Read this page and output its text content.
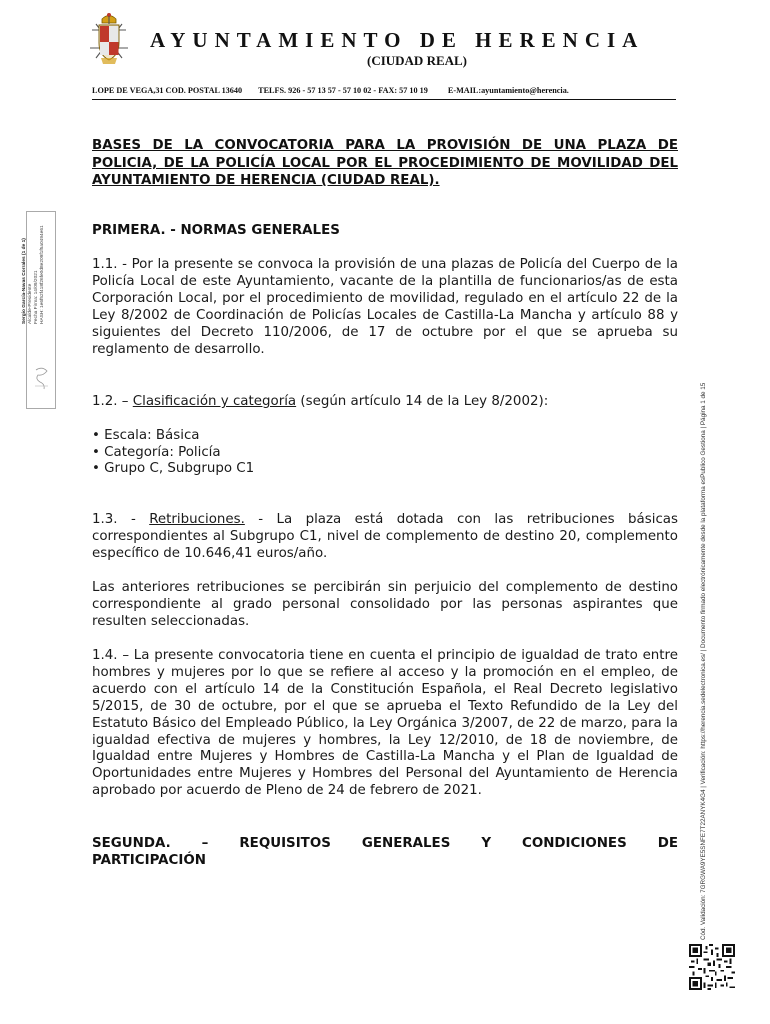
AYUNTAMIENTO DE HERENCIA
(CIUDAD REAL)
LOPE DE VEGA,31 COD. POSTAL 13640 TELFS. 926 - 57 13 57 - 57 10 02 - FAX: 57 10 19 E-MAIL:ayuntamiento@herencia.
BASES DE LA CONVOCATORIA PARA LA PROVISIÓN DE UNA PLAZA DE POLICIA, DE LA POLICÍA LOCAL POR EL PROCEDIMIENTO DE MOVILIDAD DEL AYUNTAMIENTO DE HERENCIA (CIUDAD REAL).
PRIMERA. - NORMAS GENERALES
1.1. - Por la presente se convoca la provisión de una plazas de Policía del Cuerpo de la Policía Local de este Ayuntamiento, vacante de la plantilla de funcionarios/as de esta Corporación Local, por el procedimiento de movilidad, regulado en el artículo 22 de la Ley 8/2002 de Coordinación de Policías Locales de Castilla-La Mancha y artículo 88 y siguientes del Decreto 110/2006, de 17 de octubre por el que se aprueba su reglamento de desarrollo.
1.2. – Clasificación y categoría (según artículo 14 de la Ley 8/2002):
• Escala: Básica
• Categoría: Policía
• Grupo C, Subgrupo C1
1.3. - Retribuciones. - La plaza está dotada con las retribuciones básicas correspondientes al Subgrupo C1, nivel de complemento de destino 20, complemento específico de 10.646,41 euros/año.
Las anteriores retribuciones se percibirán sin perjuicio del complemento de destino correspondiente al grado personal consolidado por las personas aspirantes que resulten seleccionadas.
1.4. – La presente convocatoria tiene en cuenta el principio de igualdad de trato entre hombres y mujeres por lo que se refiere al acceso y la promoción en el empleo, de acuerdo con el artículo 14 de la Constitución Española, el Real Decreto legislativo 5/2015, de 30 de octubre, por el que se aprueba el Texto Refundido de la Ley del Estatuto Básico del Empleado Público, la Ley Orgánica 3/2007, de 22 de marzo, para la igualdad efectiva de mujeres y hombres, la Ley 12/2010, de 18 de noviembre, de Igualdad entre Mujeres y Hombres de Castilla-La Mancha y el Plan de Igualdad de Oportunidades entre Mujeres y Hombres del Personal del Ayuntamiento de Herencia aprobado por acuerdo de Pleno de 24 de febrero de 2021.
SEGUNDA. – REQUISITOS GENERALES Y CONDICIONES DE
PARTICIPACIÓN
Sergio García-Navas Corrales (1 de 1) Alcalde-Presidente Fecha Firma: 14/09/2021 HASH: 1e6f52f418f26fe0d8e209f1f5a0494e61
Cód. Validación: 7GRGWA9YE5SNFE7T22ANYK4G4 | Verificación: https://herencia.sedelectronica.es/ | Documento firmado electrónicamente desde la plataforma esPublico Gestiona | Página 1 de 15
